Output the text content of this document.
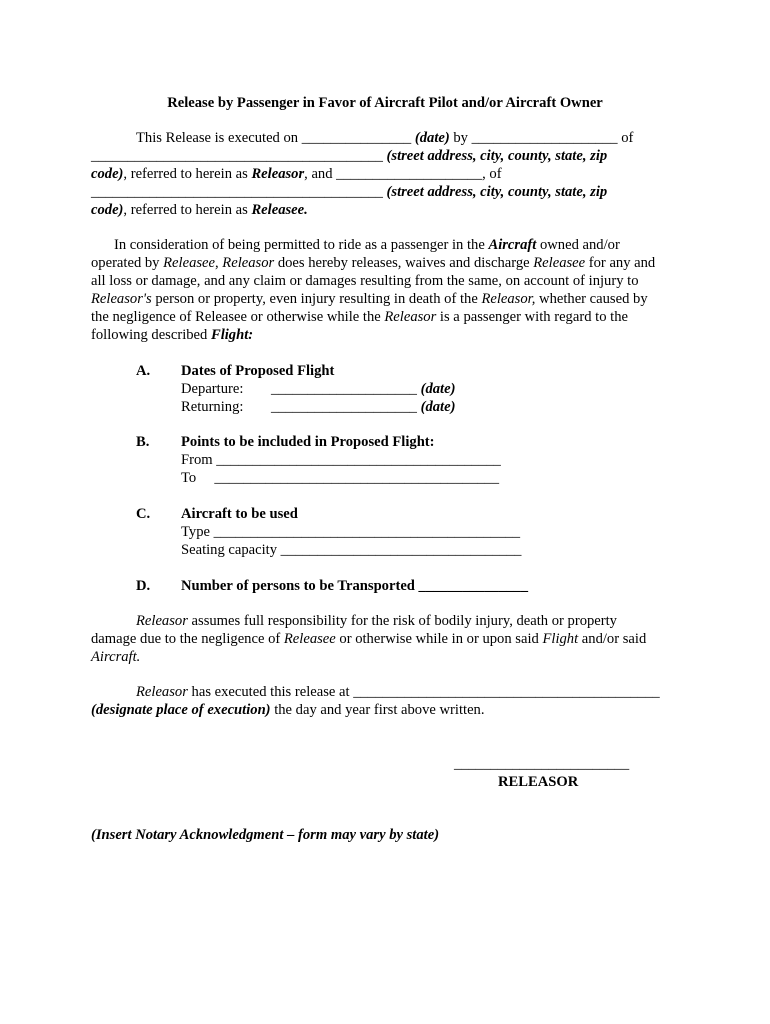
Release by Passenger in Favor of Aircraft Pilot and/or Aircraft Owner
This Release is executed on _______________ (date) by ____________________ of
________________________________________ (street address, city, county, state, zip
code), referred to herein as Releasor, and ____________________, of
________________________________________ (street address, city, county, state, zip
code), referred to herein as Releasee.
In consideration of being permitted to ride as a passenger in the Aircraft owned and/or
operated by Releasee, Releasor does hereby releases, waives and discharge Releasee for any and
all loss or damage, and any claim or damages resulting from the same, on account of injury to
Releasor's person or property, even injury resulting in death of the Releasor, whether caused by
the negligence of Releasee or otherwise while the Releasor is a passenger with regard to the
following described Flight:
A. Dates of Proposed Flight
Departure: ____________________ (date)
Returning: ____________________ (date)
B. Points to be included in Proposed Flight:
From _______________________________________
To     _______________________________________
C. Aircraft to be used
Type __________________________________________
Seating capacity _________________________________
D. Number of persons to be Transported _______________
Releasor assumes full responsibility for the risk of bodily injury, death or property
damage due to the negligence of Releasee or otherwise while in or upon said Flight and/or said
Aircraft.
Releasor has executed this release at __________________________________________
(designate place of execution) the day and year first above written.
________________________
RELEASOR
(Insert Notary Acknowledgment – form may vary by state)
